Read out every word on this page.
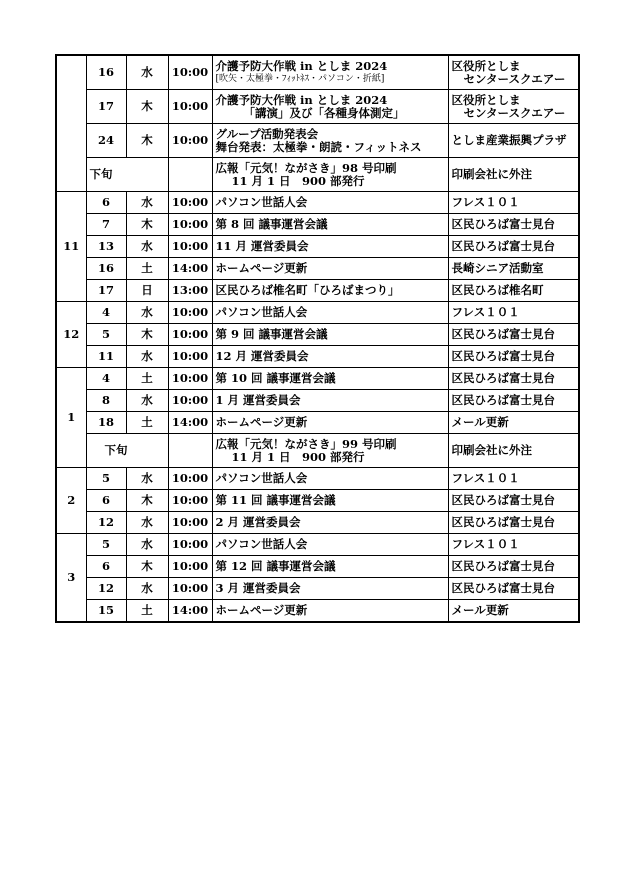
	16	水	10:00	介護予防大作戦 in としま 2024
[吹矢・太極拳・ﾌｨｯﾄﾈｽ・パソコン・折紙]	区役所としま
センタースクエアー

	17	木	10:00	介護予防大作戦 in としま 2024
「講演」及び「各種身体測定」	区役所としま
センタースクエアー

	24	木	10:00	グループ活動発表会
舞台発表：太極拳・朗読・フィットネス	としま産業振興プラザ
	下旬			広報「元気！ながさき」98 号印刷
11 月 1 日　900 部発行	印刷会社に外注
11	6	水	10:00	パソコン世話人会	フレス１０１
	7	木	10:00	第 8 回 議事運営会議	区民ひろば富士見台
	13	水	10:00	11 月 運営委員会	区民ひろば富士見台
	16	土	14:00	ホームページ更新	長崎シニア活動室
	17	日	13:00	区民ひろば椎名町「ひろばまつり」	区民ひろば椎名町
12	4	水	10:00	パソコン世話人会	フレス１０１
	5	木	10:00	第 9 回 議事運営会議	区民ひろば富士見台
	11	水	10:00	12 月 運営委員会	区民ひろば富士見台
1	4	土	10:00	第 10 回 議事運営会議	区民ひろば富士見台
	8	水	10:00	1 月 運営委員会	区民ひろば富士見台
	18	土	14:00	ホームページ更新	メール更新
	下旬			広報「元気！ながさき」99 号印刷
11 月 1 日　900 部発行	印刷会社に外注
2	5	水	10:00	パソコン世話人会	フレス１０１
	6	木	10:00	第 11 回 議事運営会議	区民ひろば富士見台
	12	水	10:00	2 月 運営委員会	区民ひろば富士見台
3	5	水	10:00	パソコン世話人会	フレス１０１
	6	木	10:00	第 12 回 議事運営会議	区民ひろば富士見台
	12	水	10:00	3 月 運営委員会	区民ひろば富士見台
	15	土	14:00	ホームページ更新	メール更新
